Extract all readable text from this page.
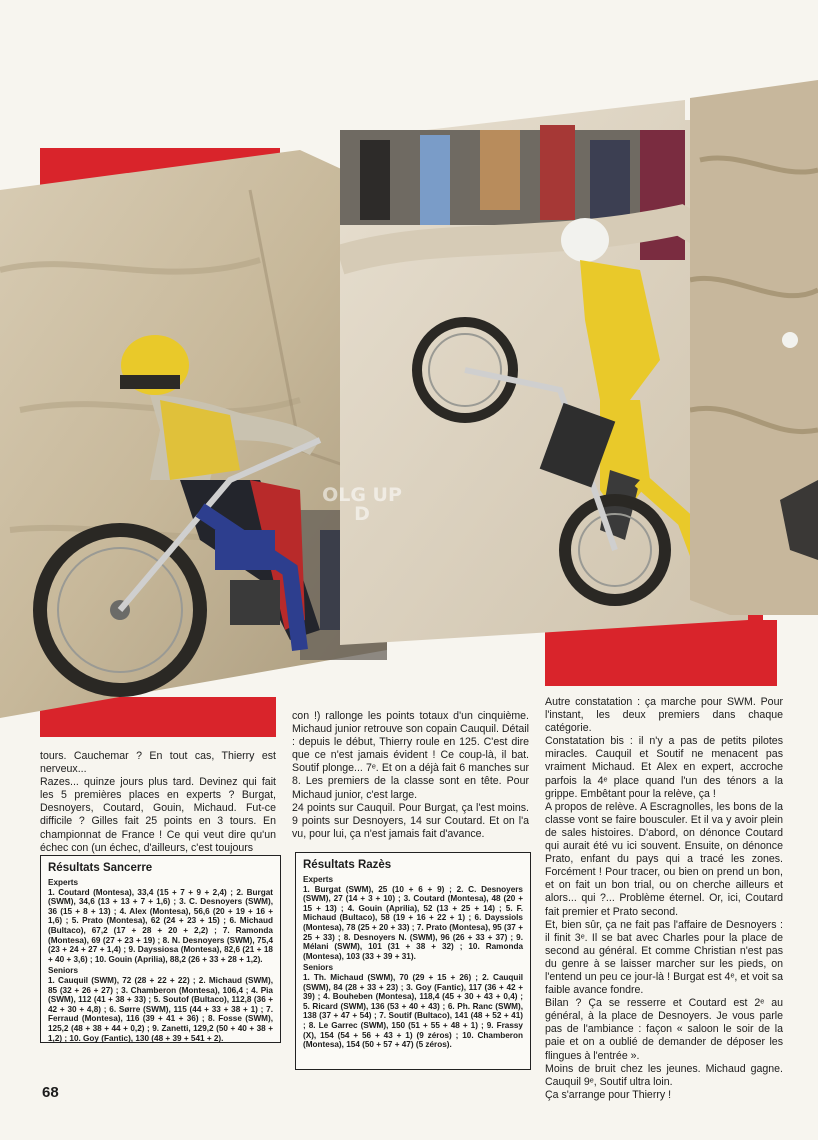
OLG UP D

tours. Cauchemar ? En tout cas, Thierry est nerveux...

Razes... quinze jours plus tard. Devinez qui fait les 5 premières places en experts ? Burgat, Desnoyers, Coutard, Gouin, Michaud. Fut-ce difficile ? Gilles fait 25 points en 3 tours. En championnat de France ! Ce qui veut dire qu'un échec con (un échec, d'ailleurs, c'est toujours

Résultats Sancerre
Experts

1. Coutard (Montesa), 33,4 (15 + 7 + 9 + 2,4) ; 2. Burgat (SWM), 34,6 (13 + 13 + 7 + 1,6) ; 3. C. Desnoyers (SWM), 36 (15 + 8 + 13) ; 4. Alex (Montesa), 56,6 (20 + 19 + 16 + 1,6) ; 5. Prato (Montesa), 62 (24 + 23 + 15) ; 6. Michaud (Bultaco), 67,2 (17 + 28 + 20 + 2,2) ; 7. Ramonda (Montesa), 69 (27 + 23 + 19) ; 8. N. Desnoyers (SWM), 75,4 (23 + 24 + 27 + 1,4) ; 9. Dayssiosa (Montesa), 82,6 (21 + 18 + 40 + 3,6) ; 10. Gouin (Aprilia), 88,2 (26 + 33 + 28 + 1,2).

Seniors

1. Cauquil (SWM), 72 (28 + 22 + 22) ; 2. Michaud (SWM), 85 (32 + 26 + 27) ; 3. Chamberon (Montesa), 106,4 ; 4. Pia (SWM), 112 (41 + 38 + 33) ; 5. Soutof (Bultaco), 112,8 (36 + 42 + 30 + 4,8) ; 6. Sørre (SWM), 115 (44 + 33 + 38 + 1) ; 7. Ferraud (Montesa), 116 (39 + 41 + 36) ; 8. Fosse (SWM), 125,2 (48 + 38 + 44 + 0,2) ; 9. Zanetti, 129,2 (50 + 40 + 38 + 1,2) ; 10. Goy (Fantic), 130 (48 + 39 + 541 + 2).

con !) rallonge les points totaux d'un cinquième. Michaud junior retrouve son copain Cauquil. Détail : depuis le début, Thierry roule en 125. C'est dire que ce n'est jamais évident ! Ce coup-là, il bat. Soutif plonge... 7ᵉ. Et on a déjà fait 6 manches sur 8. Les premiers de la classe sont en tête. Pour Michaud junior, c'est large.

24 points sur Cauquil. Pour Burgat, ça l'est moins. 9 points sur Desnoyers, 14 sur Coutard. Et on l'a vu, pour lui, ça n'est jamais fait d'avance.

Résultats Razès
Experts

1. Burgat (SWM), 25 (10 + 6 + 9) ; 2. C. Desnoyers (SWM), 27 (14 + 3 + 10) ; 3. Coutard (Montesa), 48 (20 + 15 + 13) ; 4. Gouin (Aprilia), 52 (13 + 25 + 14) ; 5. F. Michaud (Bultaco), 58 (19 + 16 + 22 + 1) ; 6. Dayssiols (Montesa), 78 (25 + 20 + 33) ; 7. Prato (Montesa), 95 (37 + 25 + 33) ; 8. Desnoyers N. (SWM), 96 (26 + 33 + 37) ; 9. Mélani (SWM), 101 (31 + 38 + 32) ; 10. Ramonda (Montesa), 103 (33 + 39 + 31).

Seniors

1. Th. Michaud (SWM), 70 (29 + 15 + 26) ; 2. Cauquil (SWM), 84 (28 + 33 + 23) ; 3. Goy (Fantic), 117 (36 + 42 + 39) ; 4. Bouheben (Montesa), 118,4 (45 + 30 + 43 + 0,4) ; 5. Ricard (SWM), 136 (53 + 40 + 43) ; 6. Ph. Ranc (SWM), 138 (37 + 47 + 54) ; 7. Soutif (Bultaco), 141 (48 + 52 + 41) ; 8. Le Garrec (SWM), 150 (51 + 55 + 48 + 1) ; 9. Frassy (X), 154 (54 + 56 + 43 + 1) (9 zéros) ; 10. Chamberon (Montesa), 154 (50 + 57 + 47) (5 zéros).

Autre constatation : ça marche pour SWM. Pour l'instant, les deux premiers dans chaque catégorie.

Constatation bis : il n'y a pas de petits pilotes miracles. Cauquil et Soutif ne menacent pas vraiment Michaud. Et Alex en expert, accroche parfois la 4ᵉ place quand l'un des ténors a la grippe. Embêtant pour la relève, ça !

A propos de relève. A Escragnolles, les bons de la classe vont se faire bousculer. Et il va y avoir plein de sales histoires. D'abord, on dénonce Coutard qui aurait été vu ici souvent. Ensuite, on dénonce Prato, enfant du pays qui a tracé les zones. Forcément ! Pour tracer, ou bien on prend un bon, et on fait un bon trial, ou on cherche ailleurs et alors... qui ?... Problème éternel. Or, ici, Coutard fait premier et Prato second.

Et, bien sûr, ça ne fait pas l'affaire de Desnoyers : il finit 3ᵉ. Il se bat avec Charles pour la place de second au général. Et comme Christian n'est pas du genre à se laisser marcher sur les pieds, on l'entend un peu ce jour-là ! Burgat est 4ᵉ, et voit sa faible avance fondre.

Bilan ? Ça se resserre et Coutard est 2ᵉ au général, à la place de Desnoyers. Je vous parle pas de l'ambiance : façon « saloon le soir de la paie et on a oublié de demander de déposer les flingues à l'entrée ».

Moins de bruit chez les jeunes. Michaud gagne. Cauquil 9ᵉ, Soutif ultra loin.

Ça s'arrange pour Thierry !

68
